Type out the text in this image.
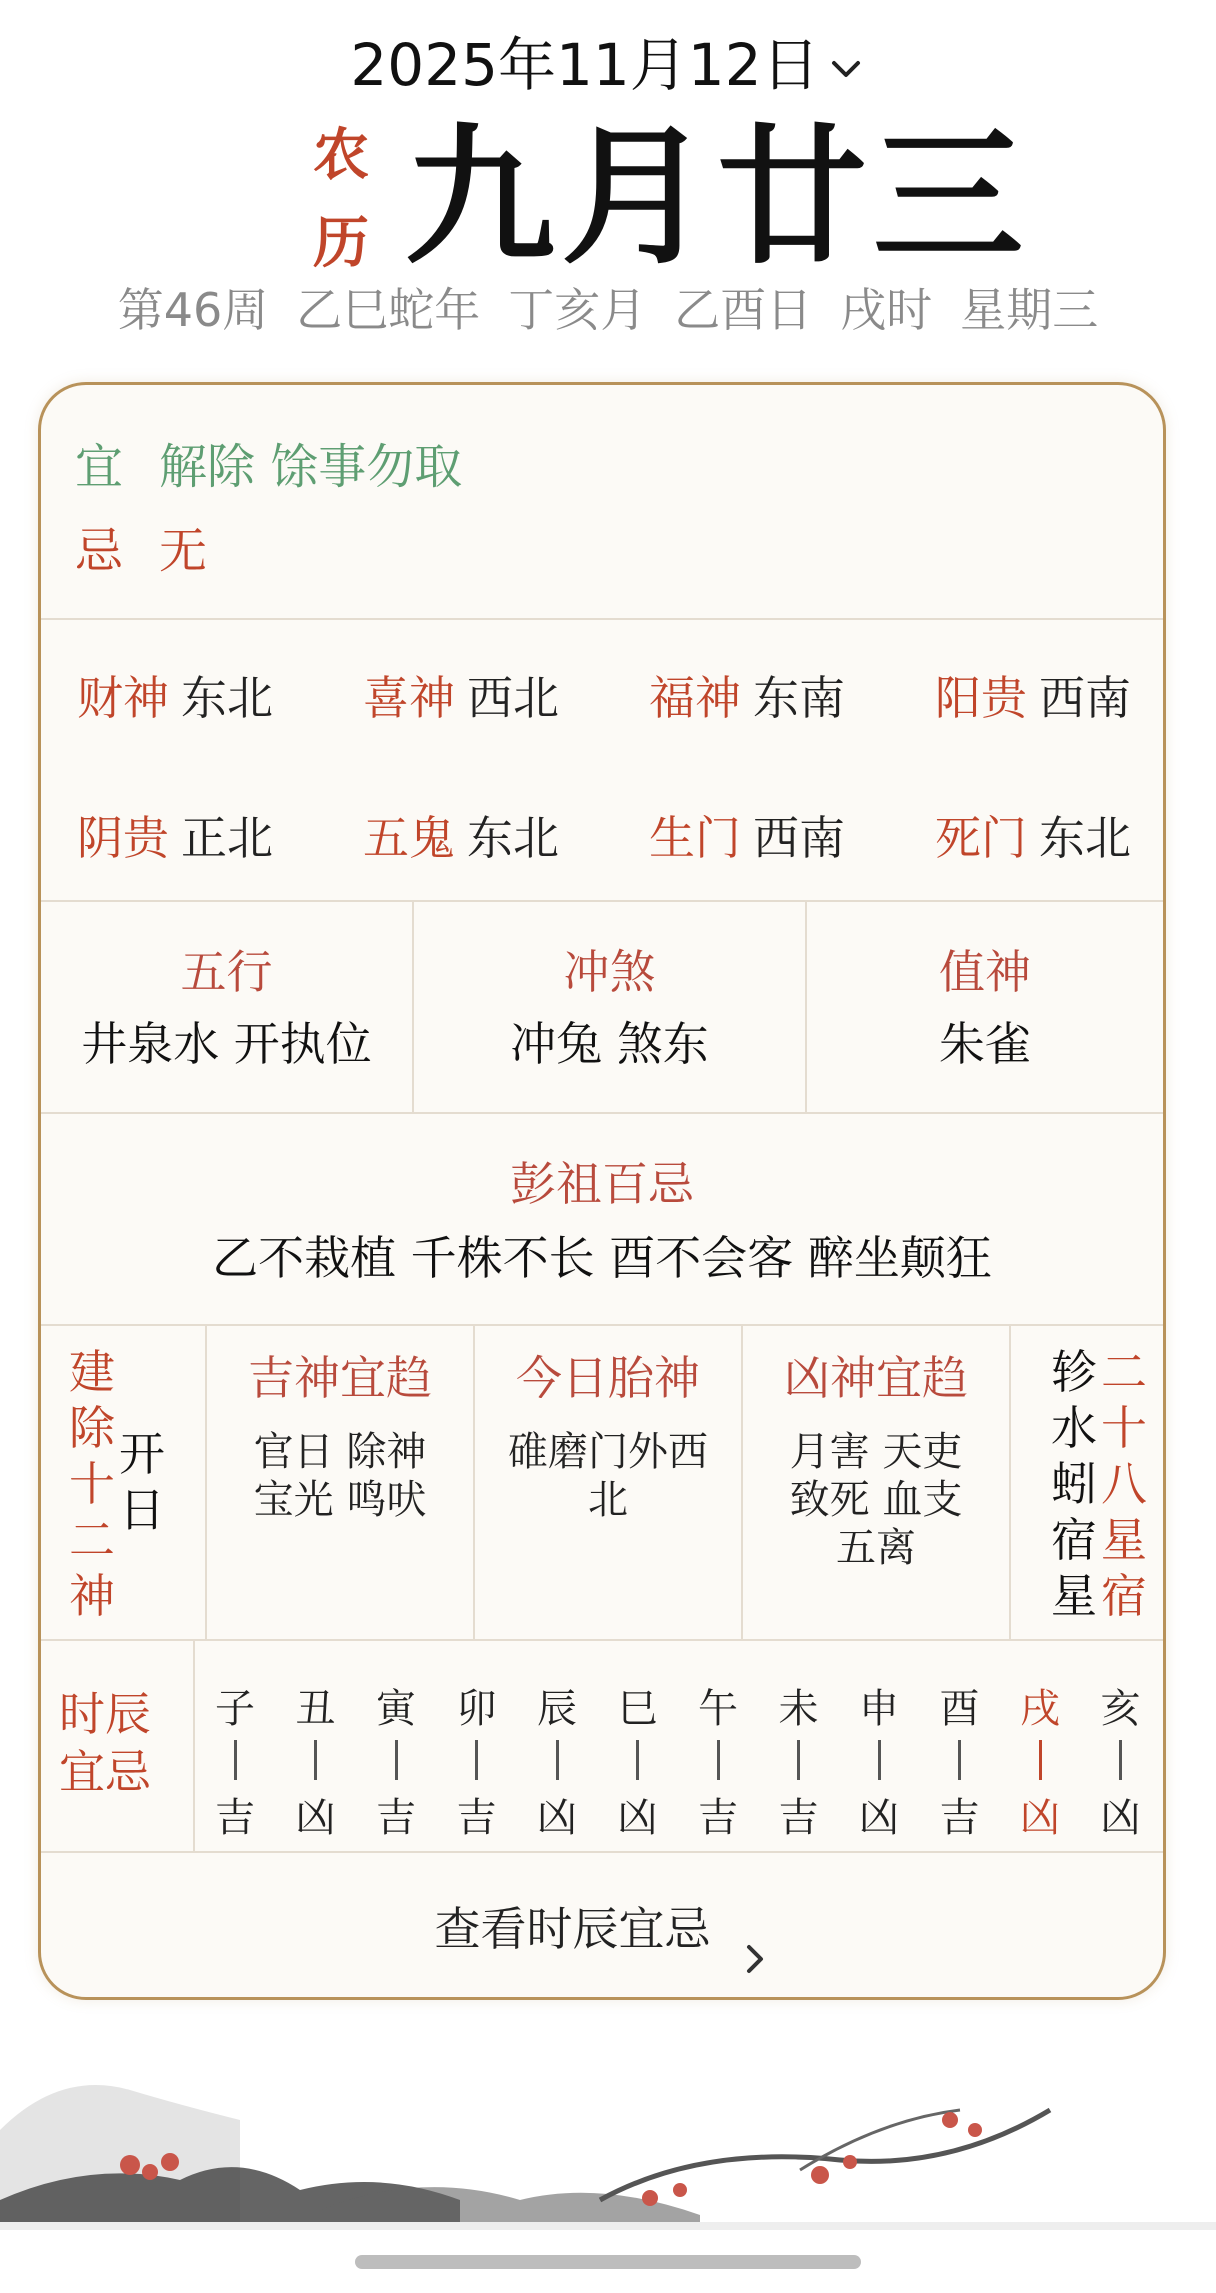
2025年11月12日
农
历 九月廿三
第46周 乙巳蛇年 丁亥月 乙酉日 戌时 星期三
宜 解除 馀事勿取
忌 无
财神 东北 喜神 西北 福神 东南 阳贵 西南
阴贵 正北 五鬼 东北 生门 西南 死门 东北
五行
井泉水 开执位
冲煞
冲兔 煞东
值神
朱雀
彭祖百忌
乙不栽植 千株不长 酉不会客 醉坐颠狂
建
除
十
二
神
开
日
吉神宜趋
官日 除神
宝光 鸣吠
今日胎神
碓磨门外西
北
凶神宜趋
月害 天吏
致死 血支
五离
轸
水
蚓
宿
星
二
十
八
星
宿
时辰
宜忌
子
吉
丑
凶
寅
吉
卯
吉
辰
凶
巳
凶
午
吉
未
吉
申
凶
酉
吉
戌
凶
亥
凶
查看时辰宜忌
